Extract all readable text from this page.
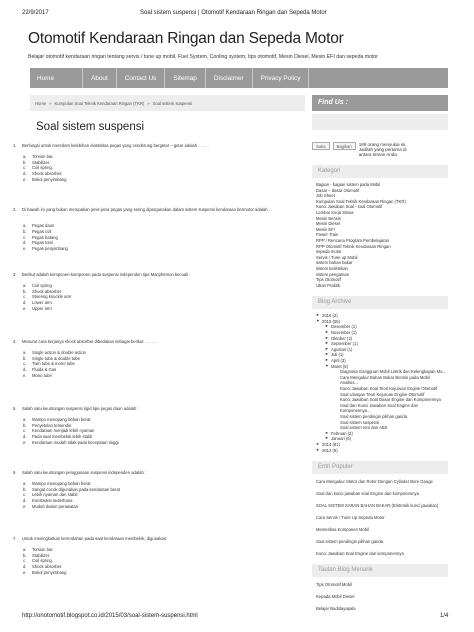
22/9/2017	Soal sistem suspensi | Otomotif Kendaraan Ringan dan Sepeda Motor
http://onotomotif.blogspot.co.id/2015/03/soal-sistem-suspensi.html	1/4
Otomotif Kendaraan Ringan dan Sepeda Motor
Belajar otomotif kendaraan ringan tentang servis / tune up mobil, Fuel System, Cooling system, tips otomotif, Mesin Diesel, Mesin EFI dan sepeda motor
Home	About	Contact Us	Sitemap	Disclaimer	Privacy Policy
Home » Kumpulan Soal Teknik Kendaraan Ringan (TKR) » Soal sistem suspensi
Soal sistem suspensi
1.	Berfungsi untuk meredam kelebihan elastisitas pegas yang cenderung bergetar – getar adalah . . . . .
a.	Torsion bar.
b.	Stabilizer.
c.	Coil spring.
d.	Shock absorber.
e.	Bokol penyimbang
2.	Di bawah ini yang bukan merupakan jenis-jenis pegas yang sering dipergunakan dalam sistem suspensi kendaraan bermotor adalah . . . . .
a.	Pegas daun
b.	Pegas coil
c.	Pegas batang
d.	Pegas torsi
e.	Pegas penyimbang
3.	Berikut adalah komponen-komponen pada suspensi independen tipe Macpherson kecuali :
a.	Coil spring
b.	Shock absorber
c.	Steering knuckle arm
d.	Lower arm
e.	Upper arm
4.	Menurut cara kerjanya shock absorber dibedakan sebagai berikut . . . . . .
a.	Single action & double action
b.	Single tube & double tube
c.	Twin tube & mono tube
d.	Fluida & Gas
e.	Mono tube
5.	Salah satu keuntungan suspensi rigid tipe pegas daun adalah :
a.	Mampu menopang beban berat
b.	Penyetelan tersendiri
c.	Kendaraan menjadi lebih nyaman
d.	Pada saat membelok lebih stabil
e.	Kendaraan mudah tidak pada kecepatan tinggi
6.	Salah satu keuntungan penggunaan suspensi independen adalah :
a.	Mampu menopang beban berat
b.	Sangat cocok digunakan pada kendaraan berat
c.	Lebih nyaman dan stabil
d.	Konstruksi sederhana
e.	Mudah dalam perawatan
7.	Untuk meningkatkan kerendahan pada saat kendaraan membelok, digunakan:
a.	Torsion bar.
b.	Stabilizer.
c.	Coil spring.
d.	Shock absorber.
e.	Bokol penyimbang
Find Us :
Suka	Bagikan	169 orang menyukai ini. Jadilah yang pertama di antara teman Anda.
Kategori
Bagian - bagian sistem pada Mobil
Dasar – dasar Otomotif
Job Sheet
Kumpulan Soal Teknik Kendaraan Ringan (TKR)
Kunci Jawaban Soal - soal Otomotif
Lembar Kerja Siswa
Mesin Bensin
Mesin Diesel
Mesin EFI
Power Train
RPP / Rencana Program Pembelajaran
RPP Otomotif Teknik Kendaraan Ringan
sepeda motor
Servis / Tune up Mobil
sistem bahan bakar
sistem kelistrikan
sistem pengaman
Tips Otomotif
Uban Praktik
Blog Archive
► 2016 (2)
▼ 2015 (56)
► Desember (1)
► November (1)
► Oktober (2)
► September (1)
► Agustus (1)
► Juli (1)
► April (3)
▼ Maret (5)
Diagnosa Gangguan Mobil Listrik dan Kelengkapan Mo...
Cara Mengukur Bahan Bakar Bensin pada Mobil Analisis...
Kunci Jawaban Soal Teori Kejuruan Engine Otomotif
Soal Ulangan Teori Kejuruan Engine Otomotif
Kunci Jawaban Soal Dasar Engine dan Komponennya
Soal dan Kunci Jawaban Soal Engine dan Komponennya...
Soal sistem pendingin pilihan ganda
Soal sistem suspensi
Soal sistem rem dan ABS
► Februari (2)
► Januari (6)
► 2014 (81)
► 2012 (9)
Entri Populer
Cara Mengukur Stator dan Rotor Dengan Cylinder Bore Gauge
Soal dan kunci jawaban soal Engine dan komponennya
SOAL SISTEM SARAN BAHAN BAKAR (Eletronik kunci jawaban)
Cara Servis / Tune Up Sepeda Motor
Memeriksa Komponen Mobil
Soal sistem pendingin pilihan ganda
Kunci Jawaban Soal Engine dan komponennya
Tautan Blog Menarik
Tips Otomotif Mobil
Kepada Mobil Diesel
Belajar Budidayapala
